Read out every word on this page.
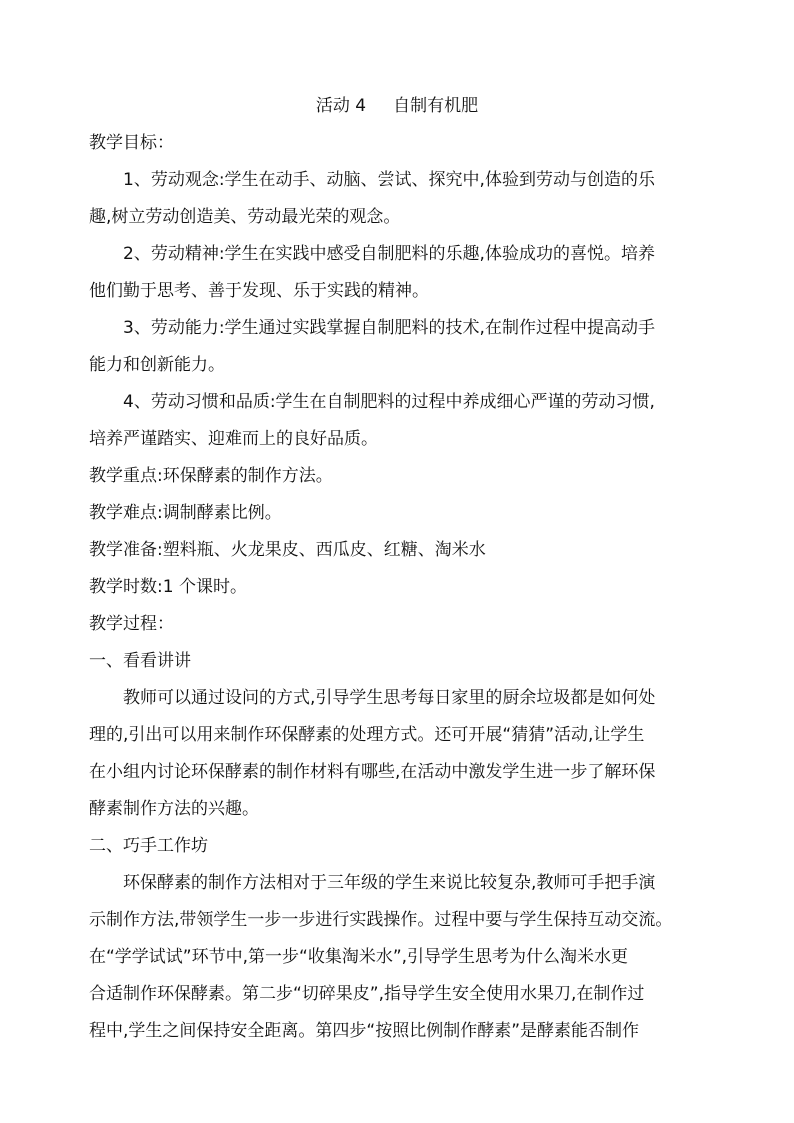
活动 4     自制有机肥
教学目标：
1、劳动观念:学生在动手、动脑、尝试、探究中,体验到劳动与创造的乐
趣,树立劳动创造美、劳动最光荣的观念。
2、劳动精神:学生在实践中感受自制肥料的乐趣,体验成功的喜悦。培养
他们勤于思考、善于发现、乐于实践的精神。
3、劳动能力:学生通过实践掌握自制肥料的技术,在制作过程中提高动手
能力和创新能力。
4、劳动习惯和品质:学生在自制肥料的过程中养成细心严谨的劳动习惯,
培养严谨踏实、迎难而上的良好品质。
教学重点:环保酵素的制作方法。
教学难点:调制酵素比例。
教学准备:塑料瓶、火龙果皮、西瓜皮、红糖、淘米水
教学时数:1 个课时。
教学过程：
一、看看讲讲
教师可以通过设问的方式,引导学生思考每日家里的厨余垃圾都是如何处
理的,引出可以用来制作环保酵素的处理方式。还可开展“猜猜”活动,让学生
在小组内讨论环保酵素的制作材料有哪些,在活动中激发学生进一步了解环保
酵素制作方法的兴趣。
二、巧手工作坊
环保酵素的制作方法相对于三年级的学生来说比较复杂,教师可手把手演
示制作方法,带领学生一步一步进行实践操作。过程中要与学生保持互动交流。
在“学学试试”环节中,第一步“收集淘米水”,引导学生思考为什么淘米水更
合适制作环保酵素。第二步“切碎果皮”,指导学生安全使用水果刀,在制作过
程中,学生之间保持安全距离。第四步“按照比例制作酵素”是酵素能否制作
